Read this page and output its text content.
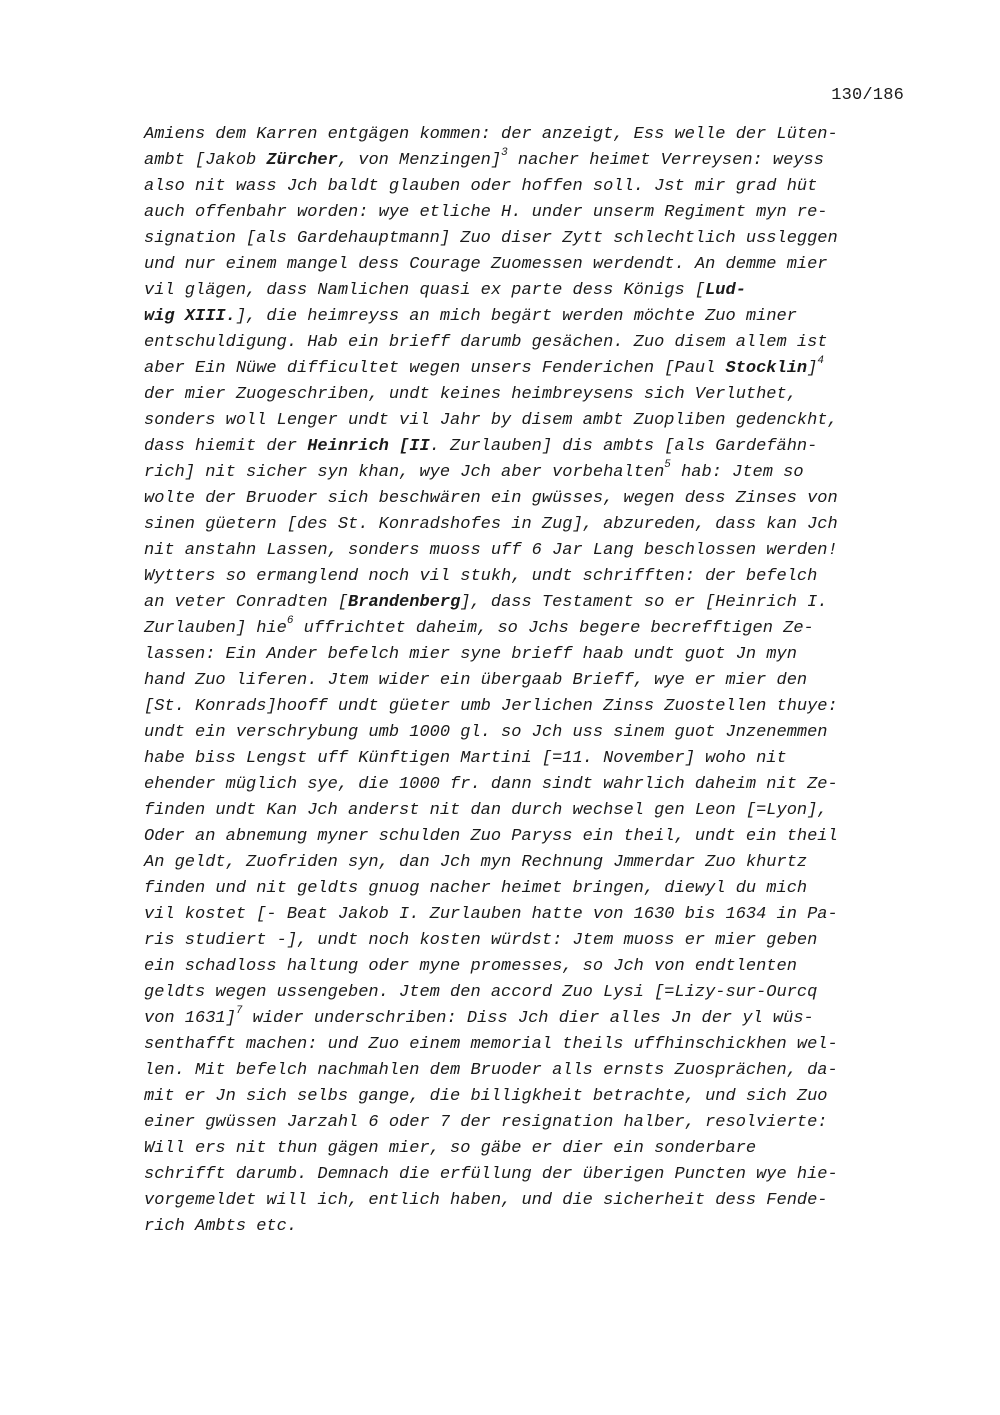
130/186
Amiens dem Karren entgägen kommen: der anzeigt, Ess welle der Lüten-
ambt [Jakob Zürcher, von Menzingen]$^3$ nacher heimet Verreysen: weyss
also nit wass Jch baldt glauben oder hoffen soll. Jst mir grad hüt
auch offenbahr worden: wye etliche H. under unserm Regiment myn re-
signation [als Gardehauptmann] Zuo diser Zytt schlechtlich ussleggen
und nur einem mangel dess Courage Zuomessen werdendt. An demme mier
vil glägen, dass Namlichen quasi ex parte dess Königs [Lud-
wig XIII.], die heimreyss an mich begärt werden möchte Zuo miner
entschuldigung. Hab ein brieff darumb gesächen. Zuo disem allem ist
aber Ein Nüwe difficultet wegen unsers Fenderichen [Paul Stocklin]$^4$
der mier Zuogeschriben, undt keines heimbreysens sich Verluthet,
sonders woll Lenger undt vil Jahr by disem ambt Zuopliben gedenckht,
dass hiemit der Heinrich [II. Zurlauben] dis ambts [als Gardefähn-
rich] nit sicher syn khan, wye Jch aber vorbehalten$^5$ hab: Jtem so
wolte der Bruoder sich beschwären ein gwüsses, wegen dess Zinses von
sinen güetern [des St. Konradshofes in Zug], abzureden, dass kan Jch
nit anstahn Lassen, sonders muoss uff 6 Jar Lang beschlossen werden!
Wytters so ermanglend noch vil stukh, undt schrifften: der befelch
an veter Conradten [Brandenberg], dass Testament so er [Heinrich I.
Zurlauben] hie$^6$ uffrichtet daheim, so Jchs begere becrefftigen Ze-
lassen: Ein Ander befelch mier syne brieff haab undt guot Jn myn
hand Zuo liferen. Jtem wider ein übergaab Brieff, wye er mier den
[St. Konrads]hooff undt güeter umb Jerlichen Zinss Zuostellen thuye:
undt ein verschrybung umb 1000 gl. so Jch uss sinem guot Jnzenemmen
habe biss Lengst uff Künftigen Martini [=11. November] woho nit
ehender müglich sye, die 1000 fr. dann sindt wahrlich daheim nit Ze-
finden undt Kan Jch anderst nit dan durch wechsel gen Leon [=Lyon],
Oder an abnemung myner schulden Zuo Paryss ein theil, undt ein theil
An geldt, Zuofriden syn, dan Jch myn Rechnung Jmmerdar Zuo khurtz
finden und nit geldts gnuog nacher heimet bringen, diewyl du mich
vil kostet [- Beat Jakob I. Zurlauben hatte von 1630 bis 1634 in Pa-
ris studiert -], undt noch kosten würdst: Jtem muoss er mier geben
ein schadloss haltung oder myne promesses, so Jch von endtlenten
geldts wegen ussengeben. Jtem den accord Zuo Lysi [=Lizy-sur-Ourcq
von 1631]$^7$ wider underschriben: Diss Jch dier alles Jn der yl wüs-
senthafft machen: und Zuo einem memorial theils uffhinschickhen wel-
len. Mit befelch nachmahlen dem Bruoder alls ernsts Zuosprächen, da-
mit er Jn sich selbs gange, die billigkheit betrachte, und sich Zuo
einer gwüssen Jarzahl 6 oder 7 der resignation halber, resolvierte:
Will ers nit thun gägen mier, so gäbe er dier ein sonderbare
schrifft darumb. Demnach die erfüllung der überigen Puncten wye hie-
vorgemeldet will ich, entlich haben, und die sicherheit dess Fende-
rich Ambts etc.
